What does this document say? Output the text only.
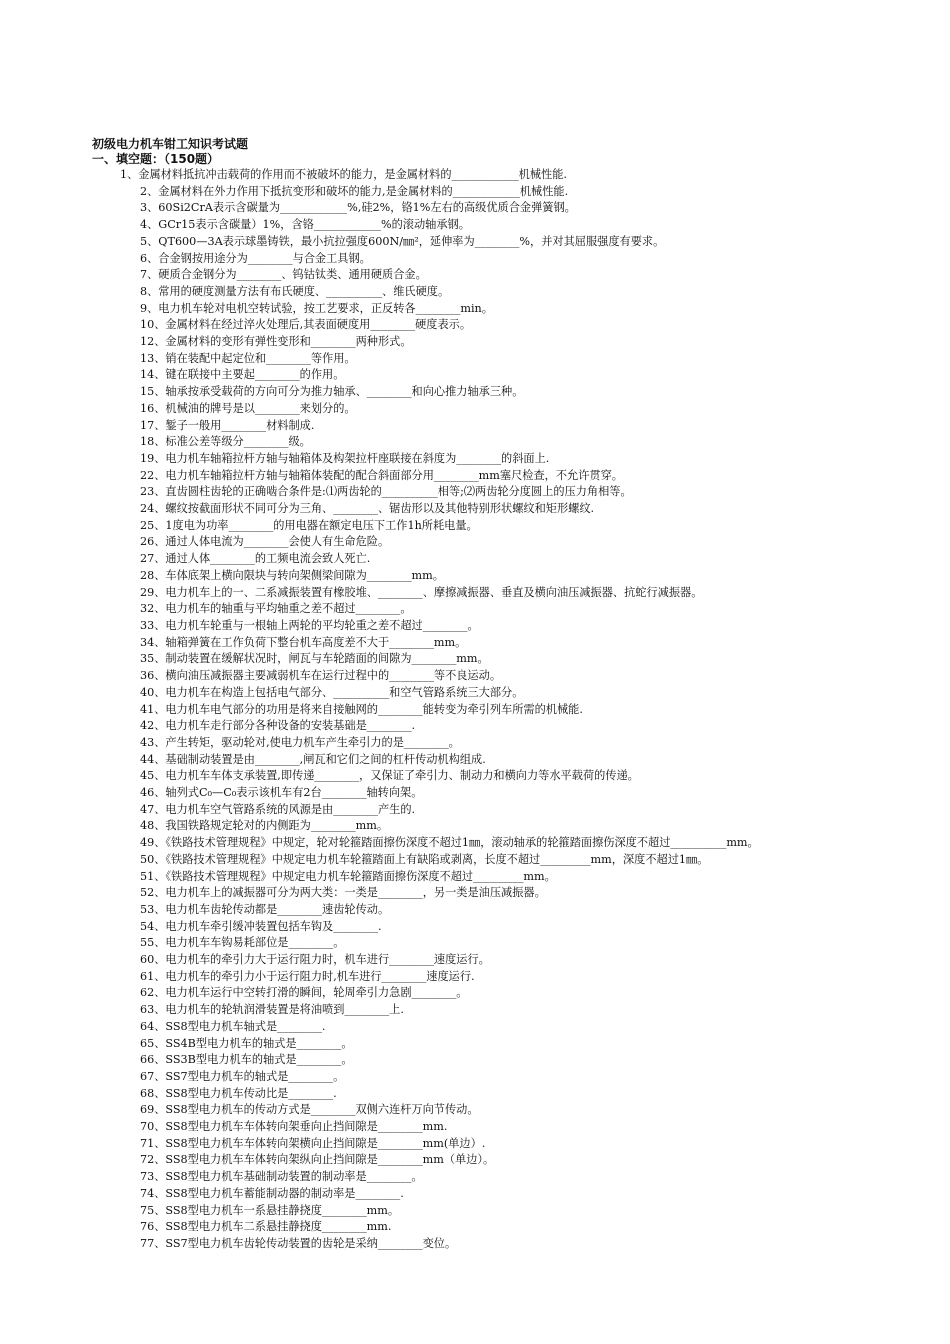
初级电力机车钳工知识考试题

一、填空题：（150题）

1、金属材料抵抗冲击载荷的作用而不被破坏的能力，是金属材料的____________机械性能.

2、金属材料在外力作用下抵抗变形和破坏的能力,是金属材料的____________机械性能.

3、60Si2CrA表示含碳量为____________%,硅2%，铬1%左右的高级优质合金弹簧钢。

4、GCr15表示含碳量）1%，含铬____________%的滚动轴承钢。

5、QT600—3A表示球墨铸铁，最小抗拉强度600N/㎜²，延伸率为________%，并对其屈服强度有要求。

6、合金钢按用途分为________与合金工具钢。

7、硬质合金钢分为________、钨钴钛类、通用硬质合金。

8、常用的硬度测量方法有布氏硬度、__________、维氏硬度。

9、电力机车轮对电机空转试验，按工艺要求，正反转各________min。

10、金属材料在经过淬火处理后,其表面硬度用________硬度表示。

12、金属材料的变形有弹性变形和________两种形式。

13、销在装配中起定位和________等作用。

14、键在联接中主要起________的作用。

15、轴承按承受载荷的方向可分为推力轴承、________和向心推力轴承三种。

16、机械油的牌号是以________来划分的。

17、錾子一般用________材料制成.

18、标准公差等级分________级。

19、电力机车轴箱拉杆方轴与轴箱体及构架拉杆座联接在斜度为________的斜面上.

22、电力机车轴箱拉杆方轴与轴箱体装配的配合斜面部分用________mm塞尺检查，不允许贯穿。

23、直齿圆柱齿轮的正确啮合条件是:⑴两齿轮的__________相等;⑵两齿轮分度圆上的压力角相等。

24、螺纹按截面形状不同可分为三角、________、锯齿形以及其他特别形状螺纹和矩形螺纹.

25、1度电为功率________的用电器在额定电压下工作1h所耗电量。

26、通过人体电流为________会使人有生命危险。

27、通过人体________的工频电流会致人死亡.

28、车体底架上横向限块与转向架侧梁间隙为________mm。

29、电力机车上的一、二系减振装置有橡胶堆、________、摩擦减振器、垂直及横向油压减振器、抗蛇行减振器。

32、电力机车的轴重与平均轴重之差不超过________。

33、电力机车轮重与一根轴上两轮的平均轮重之差不超过________。

34、轴箱弹簧在工作负荷下整台机车高度差不大于________mm。

35、制动装置在缓解状况时，闸瓦与车轮踏面的间隙为________mm。

36、横向油压减振器主要减弱机车在运行过程中的________等不良运动。

40、电力机车在构造上包括电气部分、__________和空气管路系统三大部分。

41、电力机车电气部分的功用是将来自接触网的________能转变为牵引列车所需的机械能.

42、电力机车走行部分各种设备的安装基础是________.

43、产生转矩，驱动轮对,使电力机车产生牵引力的是________。

44、基础制动装置是由________,闸瓦和它们之间的杠杆传动机构组成.

45、电力机车车体支承装置,即传递________，又保证了牵引力、制动力和横向力等水平载荷的传递。

46、轴列式C₀—C₀表示该机车有2台________轴转向架。

47、电力机车空气管路系统的风源是由________产生的.

48、我国铁路规定轮对的内侧距为________mm。

49、《铁路技术管理规程》中规定，轮对轮箍踏面擦伤深度不超过1㎜，滚动轴承的轮箍踏面擦伤深度不超过__________mm。

50、《铁路技术管理规程》中规定电力机车轮箍踏面上有缺陷或剥离，长度不超过_________mm，深度不超过1㎜。

51、《铁路技术管理规程》中规定电力机车轮箍踏面擦伤深度不超过_________mm。

52、电力机车上的减振器可分为两大类：一类是________，另一类是油压减振器。

53、电力机车齿轮传动都是________速齿轮传动。

54、电力机车牵引缓冲装置包括车钩及________.

55、电力机车车钩易耗部位是________。

60、电力机车的牵引力大于运行阻力时，机车进行________速度运行。

61、电力机车的牵引力小于运行阻力时,机车进行________速度运行.

62、电力机车运行中空转打滑的瞬间，轮周牵引力急剧________。

63、电力机车的轮轨润滑装置是将油喷到________上.

64、SS8型电力机车轴式是________.

65、SS4B型电力机车的轴式是________。

66、SS3B型电力机车的轴式是________。

67、SS7型电力机车的轴式是________。

68、SS8型电力机车传动比是________.

69、SS8型电力机车的传动方式是________双侧六连杆万向节传动。

70、SS8型电力机车车体转向架垂向止挡间隙是________mm.

71、SS8型电力机车车体转向架横向止挡间隙是________mm(单边）.

72、SS8型电力机车车体转向架纵向止挡间隙是________mm（单边）。

73、SS8型电力机车基础制动装置的制动率是________。

74、SS8型电力机车蓄能制动器的制动率是________.

75、SS8型电力机车一系悬挂静挠度________mm。

76、SS8型电力机车二系悬挂静挠度________mm.

77、SS7型电力机车齿轮传动装置的齿轮是采纳________变位。
